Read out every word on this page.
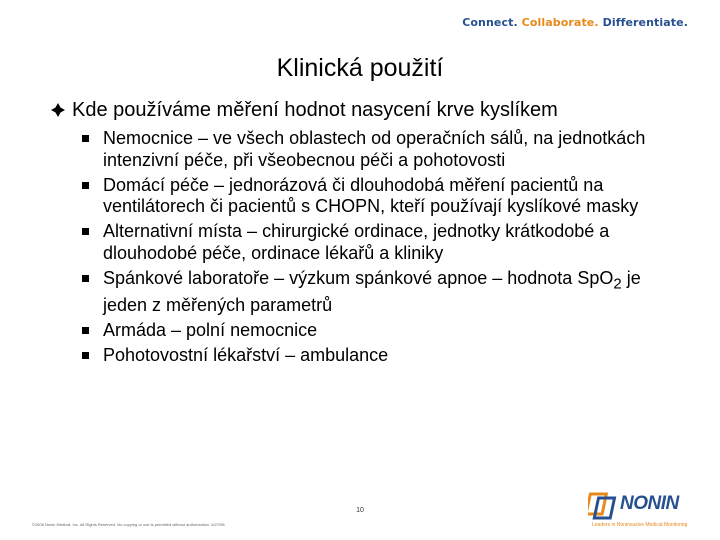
Connect. Collaborate. Differentiate.
Klinická použití
Kde používáme měření hodnot nasycení krve kyslíkem
Nemocnice – ve všech oblastech od operačních sálů, na jednotkách intenzivní péče, při všeobecnou péči a pohotovosti
Domácí péče – jednorázová či dlouhodobá měření pacientů na ventilátorech či pacientů s CHOPN, kteří používají kyslíkové masky
Alternativní místa – chirurgické ordinace, jednotky krátkodobé a dlouhodobé péče, ordinace lékařů a kliniky
Spánkové laboratoře – výzkum spánkové apnoe – hodnota SpO$_2$ je jeden z měřených parametrů
Armáda – polní nemocnice
Pohotovostní lékařství – ambulance
10
©2008 Nonin Medical, Inc. All Rights Reserved. No copying or use is permitted without authorization. 5/27/08
NONIN
Leaders in Noninvasive Medical Monitoring
